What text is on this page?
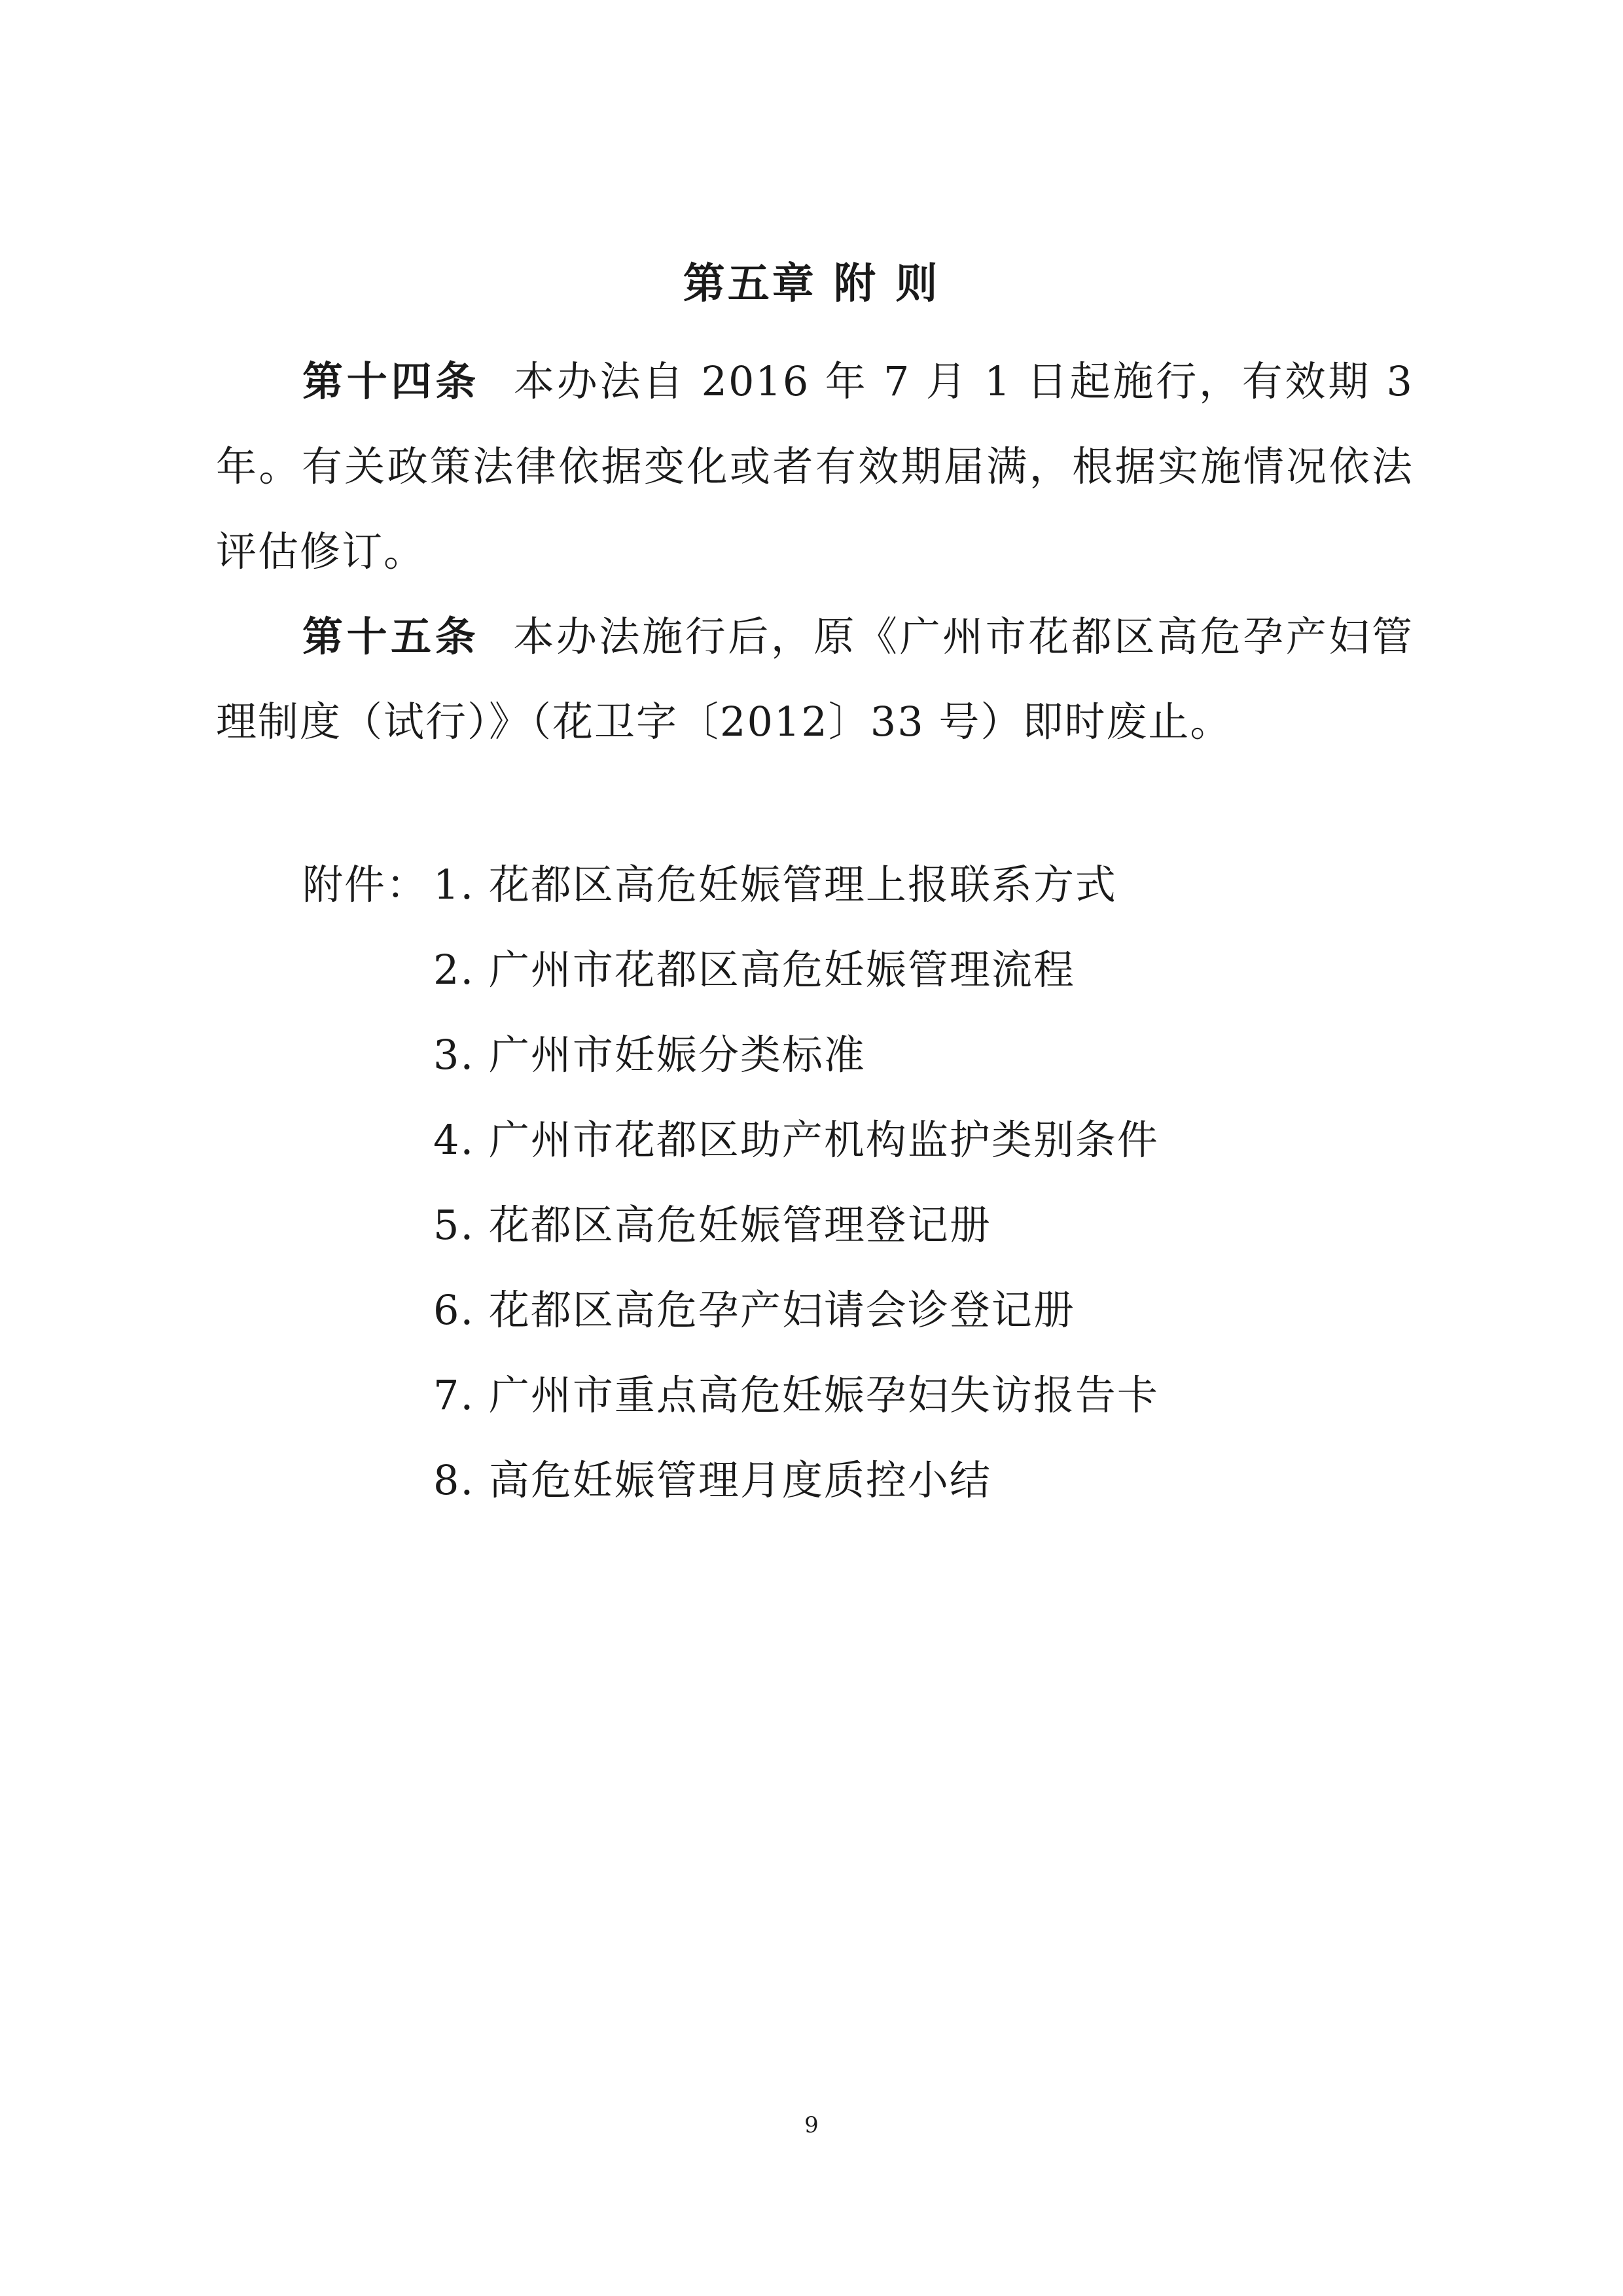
第五章 附 则
第十四条 本办法自 2016 年 7 月 1 日起施行，有效期 3 年。有关政策法律依据变化或者有效期届满，根据实施情况依法评估修订。
第十五条 本办法施行后，原《广州市花都区高危孕产妇管理制度（试行）》（花卫字〔2012〕33 号）即时废止。
附件： 1. 花都区高危妊娠管理上报联系方式
2. 广州市花都区高危妊娠管理流程
3. 广州市妊娠分类标准
4. 广州市花都区助产机构监护类别条件
5. 花都区高危妊娠管理登记册
6. 花都区高危孕产妇请会诊登记册
7. 广州市重点高危妊娠孕妇失访报告卡
8. 高危妊娠管理月度质控小结
9
